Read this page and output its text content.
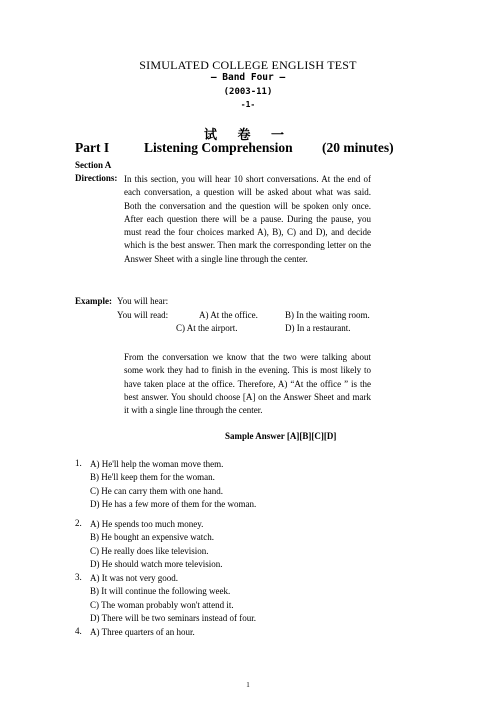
SIMULATED COLLEGE ENGLISH TEST
— Band Four —
(2003-11)
-1-
试 卷 一
Part I	Listening Comprehension (20 minutes)
Section A
Directions: In this section, you will hear 10 short conversations. At the end of each conversation, a question will be asked about what was said. Both the conversation and the question will be spoken only once. After each question there will be a pause. During the pause, you must read the four choices marked A), B), C) and D), and decide which is the best answer. Then mark the corresponding letter on the Answer Sheet with a single line through the center.
Example: You will hear:
You will read:	A) At the office.	B) In the waiting room.
C) At the airport.	D) In a restaurant.
From the conversation we know that the two were talking about some work they had to finish in the evening. This is most likely to have taken place at the office. Therefore, A) “At the office ” is the best answer. You should choose [A] on the Answer Sheet and mark it with a single line through the center.
Sample Answer [A][B][C][D]
1. A) He'll help the woman move them.
B) He'll keep them for the woman.
C) He can carry them with one hand.
D) He has a few more of them for the woman.
2. A) He spends too much money.
B) He bought an expensive watch.
C) He really does like television.
D) He should watch more television.
3. A) It was not very good.
B) It will continue the following week.
C) The woman probably won't attend it.
D) There will be two seminars instead of four.
4. A) Three quarters of an hour.
1
